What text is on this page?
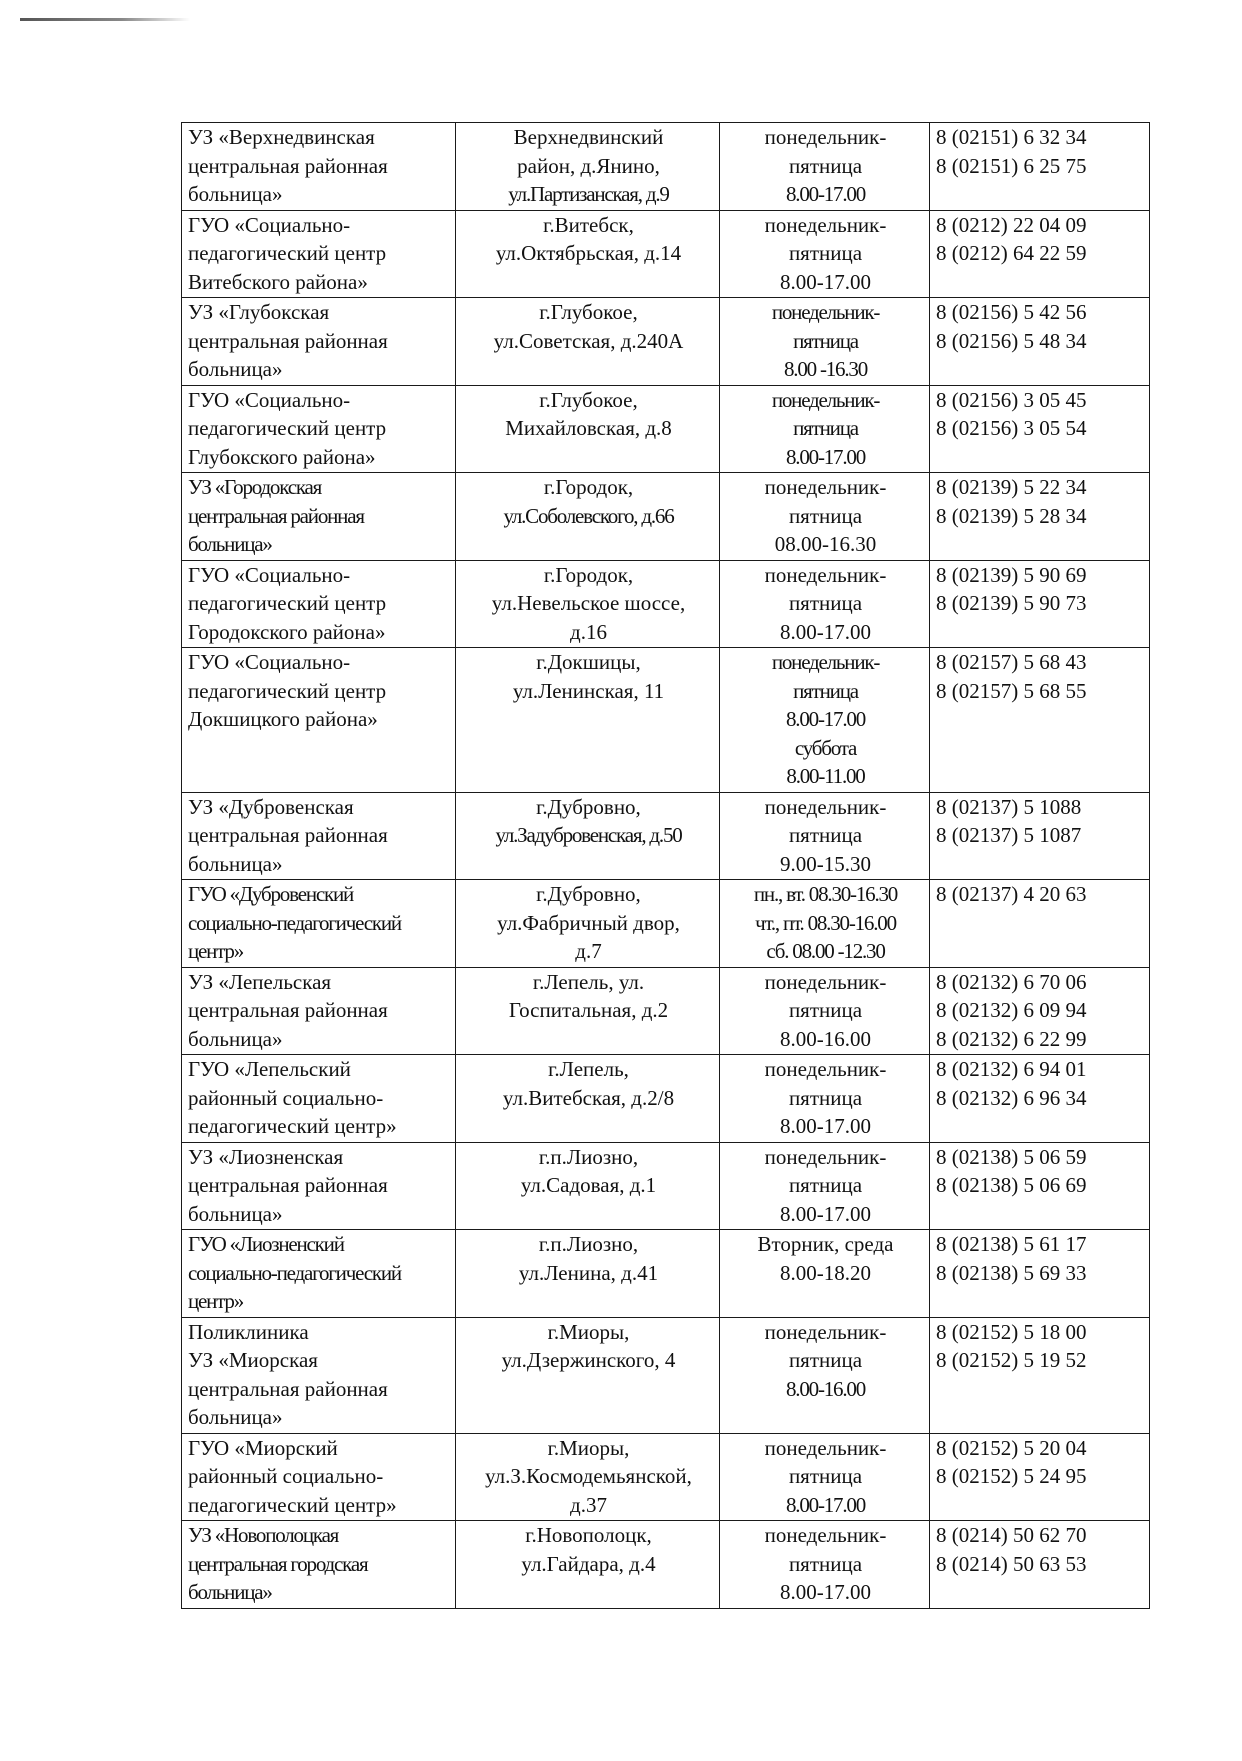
УЗ «Верхнедвинская
центральная районная
больница»	Верхнедвинский
район, д.Янино,
ул.Партизанская, д.9	понедельник-
пятница
8.00-17.00	8 (02151) 6 32 34
8 (02151) 6 25 75

ГУО «Социально-
педагогический центр
Витебского района»	г.Витебск,
ул.Октябрьская, д.14	понедельник-
пятница
8.00-17.00	8 (0212) 22 04 09
8 (0212) 64 22 59

УЗ «Глубокская
центральная районная
больница»	г.Глубокое,
ул.Советская, д.240А	понедельник-
пятница
8.00 -16.30	8 (02156) 5 42 56
8 (02156) 5 48 34

ГУО «Социально-
педагогический центр
Глубокского района»	г.Глубокое,
Михайловская, д.8	понедельник-
пятница
8.00-17.00	8 (02156) 3 05 45
8 (02156) 3 05 54

УЗ «Городокская
центральная районная
больница»	г.Городок,
ул.Соболевского, д.66	понедельник-
пятница
08.00-16.30	8 (02139) 5 22 34
8 (02139) 5 28 34

ГУО «Социально-
педагогический центр
Городокского района»	г.Городок,
ул.Невельское шоссе,
д.16	понедельник-
пятница
8.00-17.00	8 (02139) 5 90 69
8 (02139) 5 90 73

ГУО «Социально-
педагогический центр
Докшицкого района»	г.Докшицы,
ул.Ленинская, 11	понедельник-
пятница
8.00-17.00
суббота
8.00-11.00	8 (02157) 5 68 43
8 (02157) 5 68 55

УЗ «Дубровенская
центральная районная
больница»	г.Дубровно,
ул.Задубровенская, д.50	понедельник-
пятница
9.00-15.30	8 (02137) 5 1088
8 (02137) 5 1087

ГУО «Дубровенский
социально-педагогический
центр»	г.Дубровно,
ул.Фабричный двор,
д.7	пн., вт. 08.30-16.30
чт., пт. 08.30-16.00
сб. 08.00 -12.30	8 (02137) 4 20 63

УЗ «Лепельская
центральная районная
больница»	г.Лепель, ул.
Госпитальная, д.2	понедельник-
пятница
8.00-16.00	8 (02132) 6 70 06
8 (02132) 6 09 94
8 (02132) 6 22 99

ГУО «Лепельский
районный социально-
педагогический центр»	г.Лепель,
ул.Витебская, д.2/8	понедельник-
пятница
8.00-17.00	8 (02132) 6 94 01
8 (02132) 6 96 34

УЗ «Лиозненская
центральная районная
больница»	г.п.Лиозно,
ул.Садовая, д.1	понедельник-
пятница
8.00-17.00	8 (02138) 5 06 59
8 (02138) 5 06 69

ГУО «Лиозненский
социально-педагогический
центр»	г.п.Лиозно,
ул.Ленина, д.41	Вторник, среда
8.00-18.20	8 (02138) 5 61 17
8 (02138) 5 69 33

Поликлиника
УЗ «Миорская
центральная районная
больница»	г.Миоры,
ул.Дзержинского, 4	понедельник-
пятница
8.00-16.00	8 (02152) 5 18 00
8 (02152) 5 19 52

ГУО «Миорский
районный социально-
педагогический центр»	г.Миоры,
ул.З.Космодемьянской,
д.37	понедельник-
пятница
8.00-17.00	8 (02152) 5 20 04
8 (02152) 5 24 95

УЗ «Новополоцкая
центральная городская
больница»	г.Новополоцк,
ул.Гайдара, д.4	понедельник-
пятница
8.00-17.00	8 (0214) 50 62 70
8 (0214) 50 63 53
